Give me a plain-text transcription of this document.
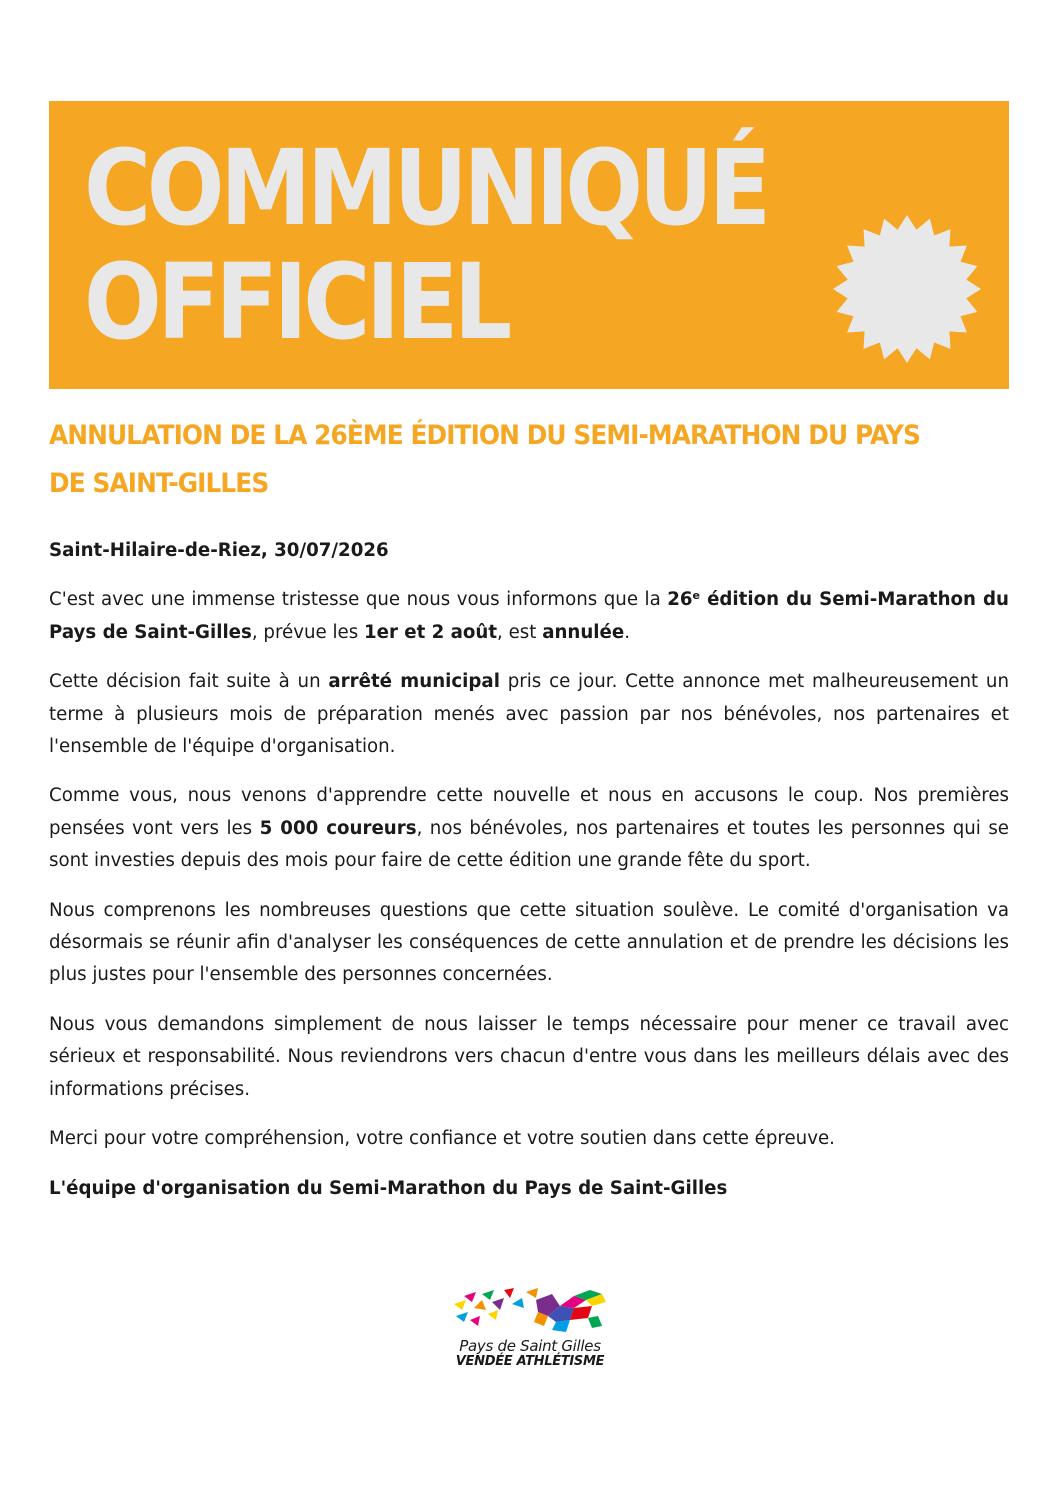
COMMUNIQUÉ
OFFICIEL
ANNULATION DE LA 26ÈME ÉDITION DU SEMI-MARATHON DU PAYS DE SAINT-GILLES

Saint-Hilaire-de-Riez, 30/07/2026

C'est avec une immense tristesse que nous vous informons que la 26e édition du Semi-Marathon du Pays de Saint-Gilles, prévue les 1er et 2 août, est annulée.

Cette décision fait suite à un arrêté municipal pris ce jour. Cette annonce met malheureusement un terme à plusieurs mois de préparation menés avec passion par nos bénévoles, nos partenaires et l'ensemble de l'équipe d'organisation.

Comme vous, nous venons d'apprendre cette nouvelle et nous en accusons le coup. Nos premières pensées vont vers les 5 000 coureurs, nos bénévoles, nos partenaires et toutes les personnes qui se sont investies depuis des mois pour faire de cette édition une grande fête du sport.

Nous comprenons les nombreuses questions que cette situation soulève. Le comité d'organisation va désormais se réunir afin d'analyser les conséquences de cette annulation et de prendre les décisions les plus justes pour l'ensemble des personnes concernées.

Nous vous demandons simplement de nous laisser le temps nécessaire pour mener ce travail avec sérieux et responsabilité. Nous reviendrons vers chacun d'entre vous dans les meilleurs délais avec des informations précises.

Merci pour votre compréhension, votre confiance et votre soutien dans cette épreuve.

L'équipe d'organisation du Semi-Marathon du Pays de Saint-Gilles

Pays de Saint Gilles
VENDÉE ATHLÉTISME
